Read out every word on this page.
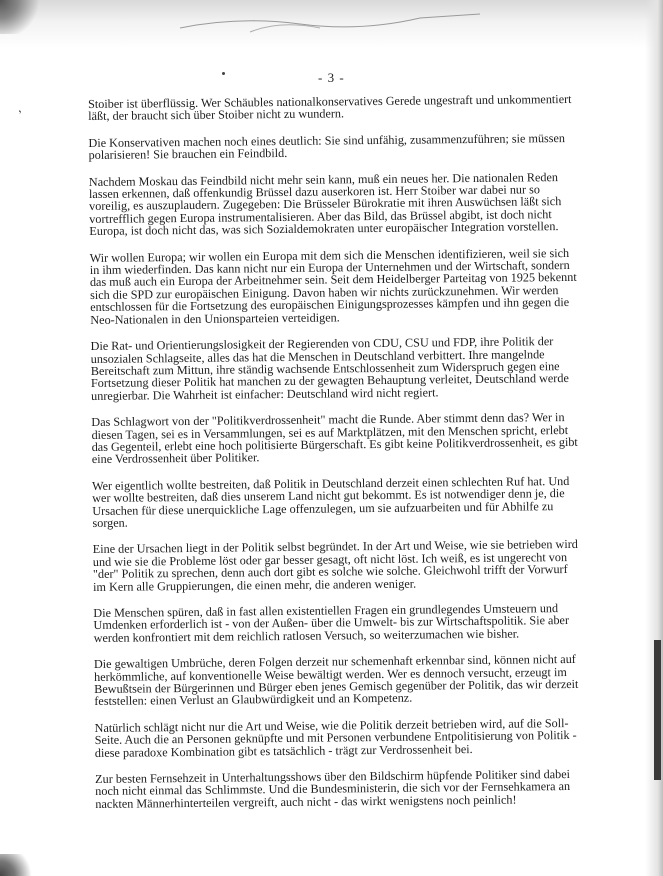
,
- 3 -

Stoiber ist überflüssig. Wer Schäubles nationalkonservatives Gerede ungestraft und unkommentiert läßt, der braucht sich über Stoiber nicht zu wundern.

Die Konservativen machen noch eines deutlich: Sie sind unfähig, zusammenzuführen; sie müssen polarisieren! Sie brauchen ein Feindbild.

Nachdem Moskau das Feindbild nicht mehr sein kann, muß ein neues her. Die nationalen Reden lassen erkennen, daß offenkundig Brüssel dazu auserkoren ist. Herr Stoiber war dabei nur so voreilig, es auszuplaudern. Zugegeben: Die Brüsseler Bürokratie mit ihren Auswüchsen läßt sich vortrefflich gegen Europa instrumentalisieren. Aber das Bild, das Brüssel abgibt, ist doch nicht Europa, ist doch nicht das, was sich Sozialdemokraten unter europäischer Integration vorstellen.

Wir wollen Europa; wir wollen ein Europa mit dem sich die Menschen identifizieren, weil sie sich in ihm wiederfinden. Das kann nicht nur ein Europa der Unternehmen und der Wirtschaft, sondern das muß auch ein Europa der Arbeitnehmer sein. Seit dem Heidelberger Parteitag von 1925 bekennt sich die SPD zur europäischen Einigung. Davon haben wir nichts zurückzunehmen. Wir werden entschlossen für die Fortsetzung des europäischen Einigungsprozesses kämpfen und ihn gegen die Neo-Nationalen in den Unionsparteien verteidigen.

Die Rat- und Orientierungslosigkeit der Regierenden von CDU, CSU und FDP, ihre Politik der unsozialen Schlagseite, alles das hat die Menschen in Deutschland verbittert. Ihre mangelnde Bereitschaft zum Mittun, ihre ständig wachsende Entschlossenheit zum Widerspruch gegen eine Fortsetzung dieser Politik hat manchen zu der gewagten Behauptung verleitet, Deutschland werde unregierbar. Die Wahrheit ist einfacher: Deutschland wird nicht regiert.

Das Schlagwort von der "Politikverdrossenheit" macht die Runde. Aber stimmt denn das? Wer in diesen Tagen, sei es in Versammlungen, sei es auf Marktplätzen, mit den Menschen spricht, erlebt das Gegenteil, erlebt eine hoch politisierte Bürgerschaft. Es gibt keine Politikverdrossenheit, es gibt eine Verdrossenheit über Politiker.

Wer eigentlich wollte bestreiten, daß Politik in Deutschland derzeit einen schlechten Ruf hat. Und wer wollte bestreiten, daß dies unserem Land nicht gut bekommt. Es ist notwendiger denn je, die Ursachen für diese unerquickliche Lage offenzulegen, um sie aufzuarbeiten und für Abhilfe zu sorgen.

Eine der Ursachen liegt in der Politik selbst begründet. In der Art und Weise, wie sie betrieben wird und wie sie die Probleme löst oder gar besser gesagt, oft nicht löst. Ich weiß, es ist ungerecht von "der" Politik zu sprechen, denn auch dort gibt es solche wie solche. Gleichwohl trifft der Vorwurf im Kern alle Gruppierungen, die einen mehr, die anderen weniger.

Die Menschen spüren, daß in fast allen existentiellen Fragen ein grundlegendes Umsteuern und Umdenken erforderlich ist - von der Außen- über die Umwelt- bis zur Wirtschaftspolitik. Sie aber werden konfrontiert mit dem reichlich ratlosen Versuch, so weiterzumachen wie bisher.

Die gewaltigen Umbrüche, deren Folgen derzeit nur schemenhaft erkennbar sind, können nicht auf herkömmliche, auf konventionelle Weise bewältigt werden. Wer es dennoch versucht, erzeugt im Bewußtsein der Bürgerinnen und Bürger eben jenes Gemisch gegenüber der Politik, das wir derzeit feststellen: einen Verlust an Glaubwürdigkeit und an Kompetenz.

Natürlich schlägt nicht nur die Art und Weise, wie die Politik derzeit betrieben wird, auf die Soll-Seite. Auch die an Personen geknüpfte und mit Personen verbundene Entpolitisierung von Politik - diese paradoxe Kombination gibt es tatsächlich - trägt zur Verdrossenheit bei.

Zur besten Fernsehzeit in Unterhaltungsshows über den Bildschirm hüpfende Politiker sind dabei noch nicht einmal das Schlimmste. Und die Bundesministerin, die sich vor der Fernsehkamera an nackten Männerhinterteilen vergreift, auch nicht - das wirkt wenigstens noch peinlich!
